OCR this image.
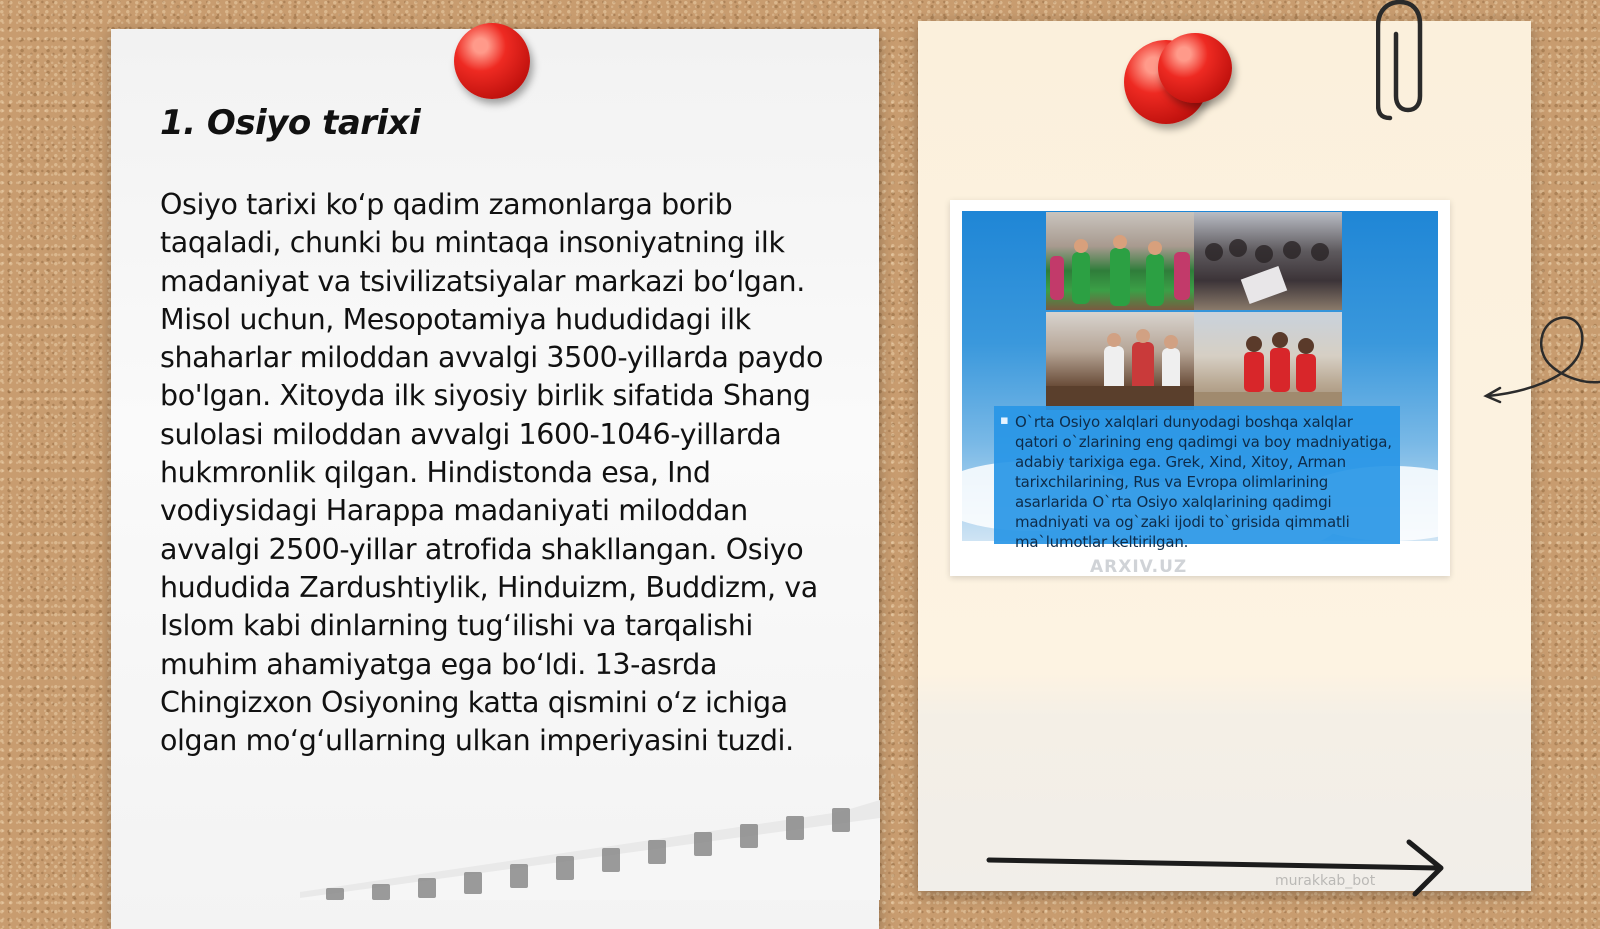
1. Osiyo tarixi

Osiyo tarixi koʻp qadim zamonlarga borib taqaladi, chunki bu mintaqa insoniyatning ilk madaniyat va tsivilizatsiyalar markazi boʻlgan. Misol uchun, Mesopotamiya hududidagi ilk shaharlar miloddan avvalgi 3500-yillarda paydo bo'lgan. Xitoyda ilk siyosiy birlik sifatida Shang sulolasi miloddan avvalgi 1600-1046-yillarda hukmronlik qilgan. Hindistonda esa, Ind vodiysidagi Harappa madaniyati miloddan avvalgi 2500-yillar atrofida shakllangan. Osiyo hududida Zardushtiylik, Hinduizm, Buddizm, va Islom kabi dinlarning tugʻilishi va tarqalishi muhim ahamiyatga ega boʻldi. 13-asrda Chingizxon Osiyoning katta qismini oʻz ichiga olgan moʻgʻullarning ulkan imperiyasini tuzdi.

▪ O`rta Osiyo xalqlari dunyodagi boshqa xalqlar qatori o`zlarining eng qadimgi va boy madniyatiga, adabiy tarixiga ega. Grek, Xind, Xitoy, Arman tarixchilarining, Rus va Evropa olimlarining asarlarida O`rta Osiyo xalqlarining qadimgi madniyati va og`zaki ijodi to`grisida qimmatli ma`lumotlar keltirilgan.

ARXIV.UZ
murakkab_bot
